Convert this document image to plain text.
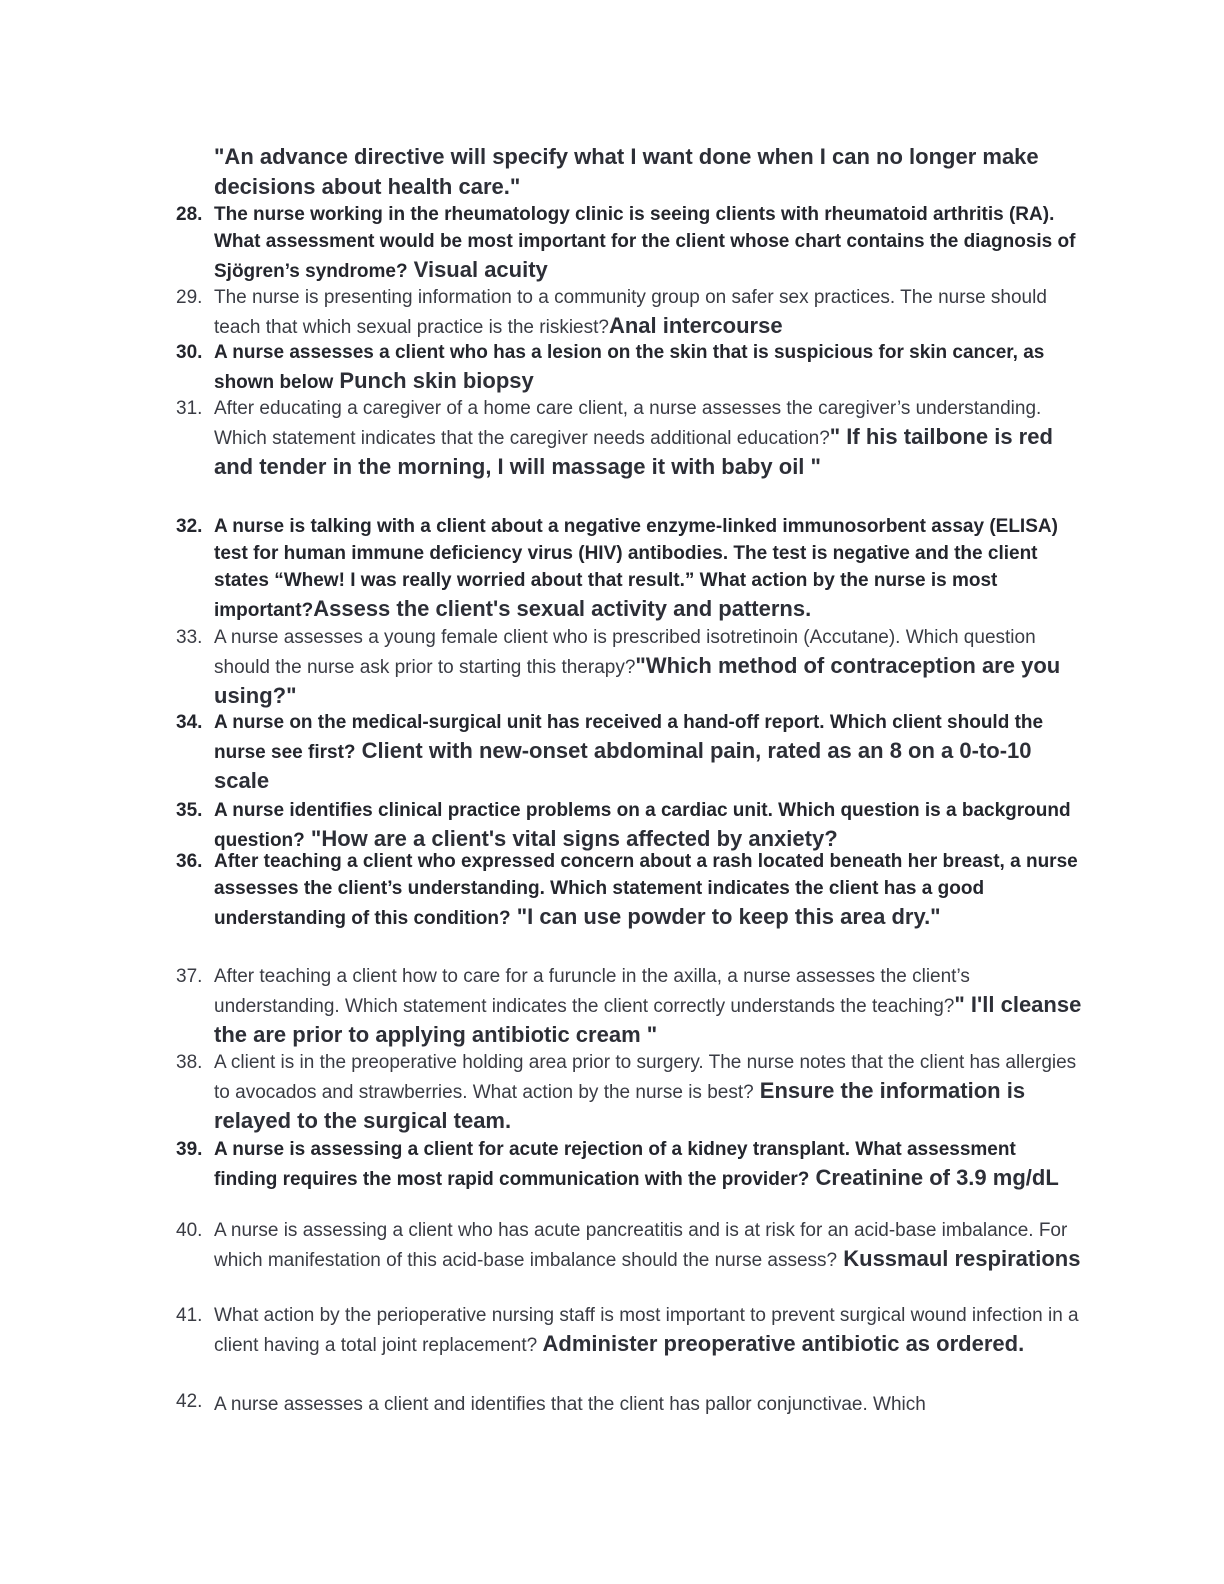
"An advance directive will specify what I want done when I can no longer make decisions about health care."
28. The nurse working in the rheumatology clinic is seeing clients with rheumatoid arthritis (RA). What assessment would be most important for the client whose chart contains the diagnosis of Sjögren’s syndrome? Visual acuity
29. The nurse is presenting information to a community group on safer sex practices. The nurse should teach that which sexual practice is the riskiest?Anal intercourse
30. A nurse assesses a client who has a lesion on the skin that is suspicious for skin cancer, as shown below Punch skin biopsy
31. After educating a caregiver of a home care client, a nurse assesses the caregiver’s understanding. Which statement indicates that the caregiver needs additional education?" If his tailbone is red and tender in the morning, I will massage it with baby oil "
32. A nurse is talking with a client about a negative enzyme-linked immunosorbent assay (ELISA) test for human immune deficiency virus (HIV) antibodies. The test is negative and the client states “Whew! I was really worried about that result.” What action by the nurse is most important?Assess the client's sexual activity and patterns.
33. A nurse assesses a young female client who is prescribed isotretinoin (Accutane). Which question should the nurse ask prior to starting this therapy?"Which method of contraception are you using?"
34. A nurse on the medical-surgical unit has received a hand-off report. Which client should the nurse see first? Client with new-onset abdominal pain, rated as an 8 on a 0-to-10 scale
35. A nurse identifies clinical practice problems on a cardiac unit. Which question is a background question? "How are a client's vital signs affected by anxiety?
36. After teaching a client who expressed concern about a rash located beneath her breast, a nurse assesses the client’s understanding. Which statement indicates the client has a good understanding of this condition? "I can use powder to keep this area dry."
37. After teaching a client how to care for a furuncle in the axilla, a nurse assesses the client’s understanding. Which statement indicates the client correctly understands the teaching?" I'll cleanse the are prior to applying antibiotic cream "
38. A client is in the preoperative holding area prior to surgery. The nurse notes that the client has allergies to avocados and strawberries. What action by the nurse is best? Ensure the information is relayed to the surgical team.
39. A nurse is assessing a client for acute rejection of a kidney transplant. What assessment finding requires the most rapid communication with the provider? Creatinine of 3.9 mg/dL
40. A nurse is assessing a client who has acute pancreatitis and is at risk for an acid-base imbalance. For which manifestation of this acid-base imbalance should the nurse assess? Kussmaul respirations
41. What action by the perioperative nursing staff is most important to prevent surgical wound infection in a client having a total joint replacement? Administer preoperative antibiotic as ordered.
42. A nurse assesses a client and identifies that the client has pallor conjunctivae. Which
